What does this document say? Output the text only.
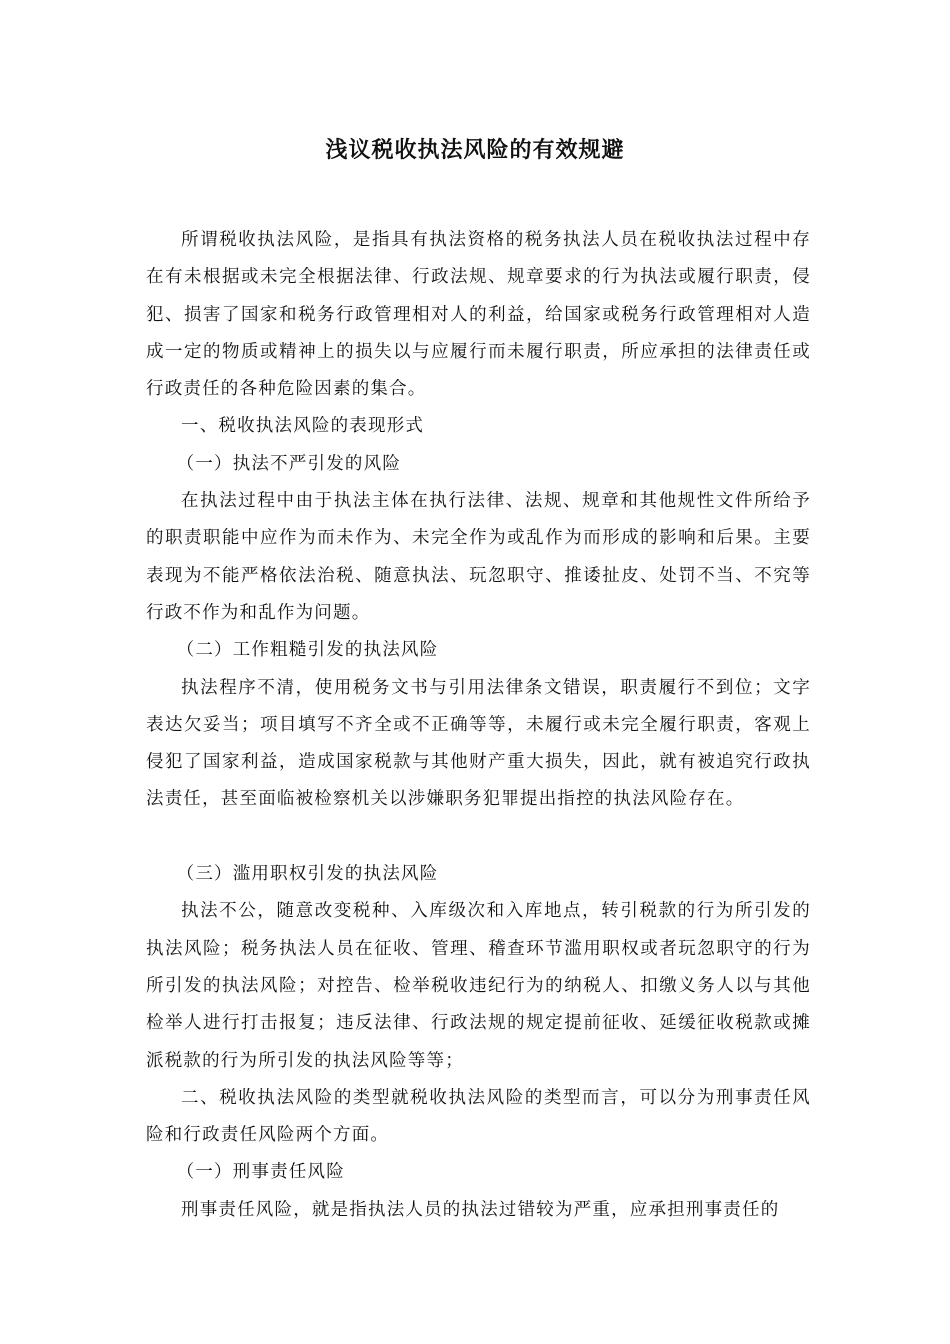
浅议税收执法风险的有效规避

所谓税收执法风险，是指具有执法资格的税务执法人员在税收执法过程中存在有未根据或未完全根据法律、行政法规、规章要求的行为执法或履行职责，侵犯、损害了国家和税务行政管理相对人的利益，给国家或税务行政管理相对人造成一定的物质或精神上的损失以与应履行而未履行职责，所应承担的法律责任或行政责任的各种危险因素的集合。

一、税收执法风险的表现形式

（一）执法不严引发的风险

在执法过程中由于执法主体在执行法律、法规、规章和其他规性文件所给予的职责职能中应作为而未作为、未完全作为或乱作为而形成的影响和后果。主要表现为不能严格依法治税、随意执法、玩忽职守、推诿扯皮、处罚不当、不究等行政不作为和乱作为问题。

（二）工作粗糙引发的执法风险

执法程序不清，使用税务文书与引用法律条文错误，职责履行不到位；文字表达欠妥当；项目填写不齐全或不正确等等，未履行或未完全履行职责，客观上侵犯了国家利益，造成国家税款与其他财产重大损失，因此，就有被追究行政执法责任，甚至面临被检察机关以涉嫌职务犯罪提出指控的执法风险存在。

（三）滥用职权引发的执法风险

执法不公，随意改变税种、入库级次和入库地点，转引税款的行为所引发的执法风险；税务执法人员在征收、管理、稽查环节滥用职权或者玩忽职守的行为所引发的执法风险；对控告、检举税收违纪行为的纳税人、扣缴义务人以与其他检举人进行打击报复；违反法律、行政法规的规定提前征收、延缓征收税款或摊派税款的行为所引发的执法风险等等；

二、税收执法风险的类型就税收执法风险的类型而言，可以分为刑事责任风险和行政责任风险两个方面。

（一）刑事责任风险

刑事责任风险，就是指执法人员的执法过错较为严重，应承担刑事责任的
